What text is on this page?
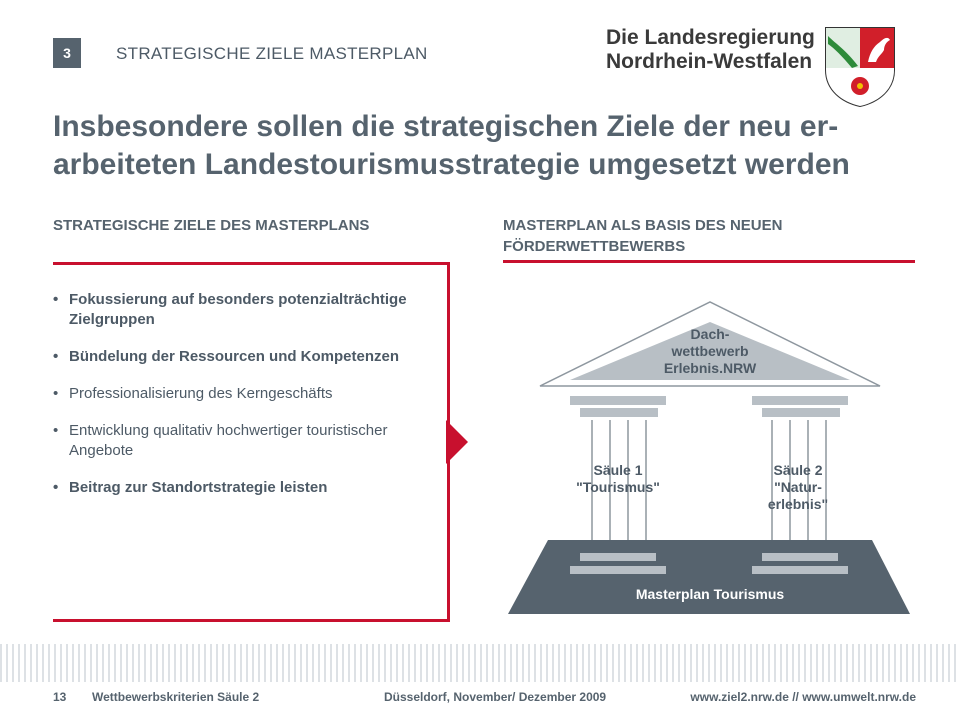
3	STRATEGISCHE ZIELE MASTERPLAN
Die Landesregierung
Nordrhein-Westfalen
Insbesondere sollen die strategischen Ziele der neu er-
arbeiteten Landestourismusstrategie umgesetzt werden
STRATEGISCHE ZIELE DES MASTERPLANS
• Fokussierung auf besonders potenzialträchtige Zielgruppen
• Bündelung der Ressourcen und Kompetenzen
• Professionalisierung des Kerngeschäfts
• Entwicklung qualitativ hochwertiger touristischer Angebote
• Beitrag zur Standortstrategie leisten
MASTERPLAN ALS BASIS DES NEUEN
FÖRDERWETTBEWERBS
Dach-
wettbewerb
Erlebnis.NRW
Säule 1
"Tourismus"
Säule 2
"Natur-
erlebnis"
Masterplan Tourismus
13 Wettbewerbskriterien Säule 2	Düsseldorf, November/ Dezember 2009	www.ziel2.nrw.de // www.umwelt.nrw.de
